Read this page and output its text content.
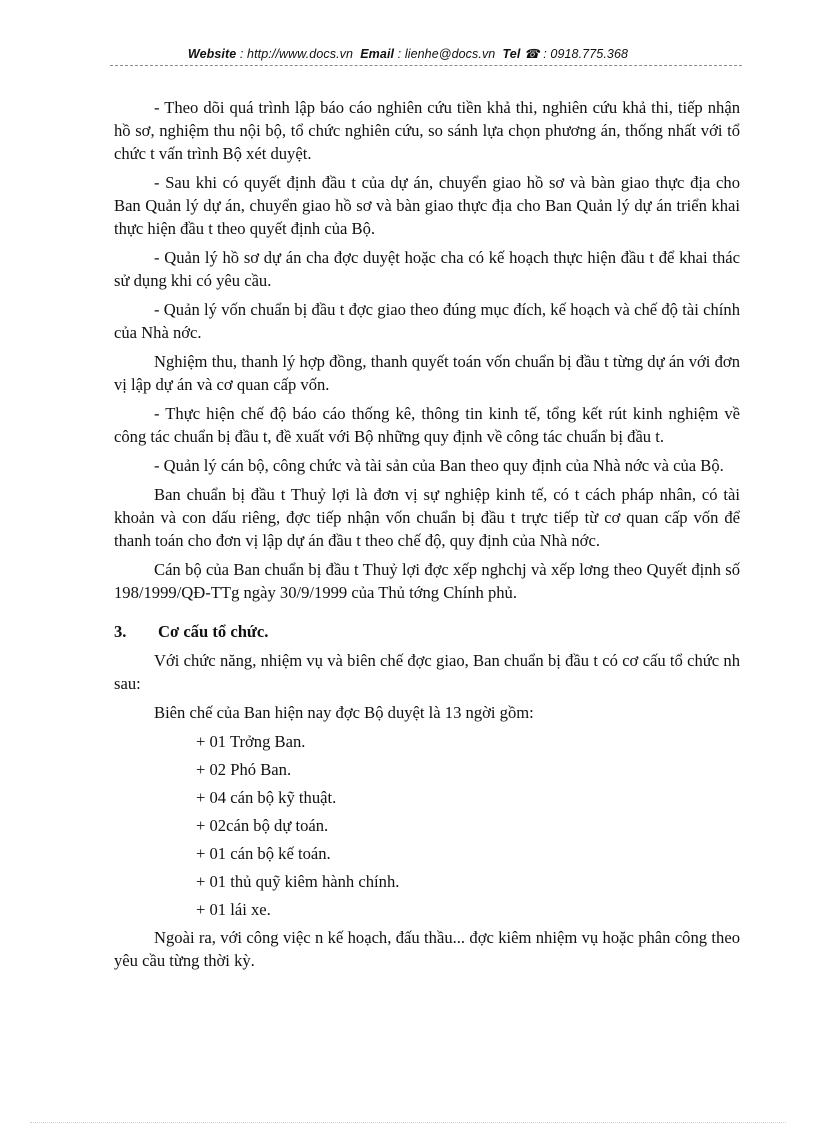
Website : http://www.docs.vn Email : lienhe@docs.vn Tel ☎ : 0918.775.368

- Theo dõi quá trình lập báo cáo nghiên cứu tiền khả thi, nghiên cứu khả thi, tiếp nhận hồ sơ, nghiệm thu nội bộ, tổ chức nghiên cứu, so sánh lựa chọn phương án, thống nhất với tổ chức t vấn trình Bộ xét duyệt.

- Sau khi có quyết định đầu t của dự án, chuyển giao hồ sơ và bàn giao thực địa cho Ban Quản lý dự án, chuyển giao hồ sơ và bàn giao thực địa cho Ban Quản lý dự án triển khai thực hiện đầu t theo quyết định của Bộ.

- Quản lý hồ sơ dự án cha đợc duyệt hoặc cha có kế hoạch thực hiện đầu t để khai thác sử dụng khi có yêu cầu.

- Quản lý vốn chuẩn bị đầu t đợc giao theo đúng mục đích, kế hoạch và chế độ tài chính của Nhà nớc.

Nghiệm thu, thanh lý hợp đồng, thanh quyết toán vốn chuẩn bị đầu t từng dự án với đơn vị lập dự án và cơ quan cấp vốn.

- Thực hiện chế độ báo cáo thống kê, thông tin kinh tế, tổng kết rút kinh nghiệm về công tác chuẩn bị đầu t, đề xuất với Bộ những quy định về công tác chuẩn bị đầu t.

- Quản lý cán bộ, công chức và tài sản của Ban theo quy định của Nhà nớc và của Bộ.

Ban chuẩn bị đầu t Thuỷ lợi là đơn vị sự nghiệp kinh tế, có t cách pháp nhân, có tài khoản và con dấu riêng, đợc tiếp nhận vốn chuẩn bị đầu t trực tiếp từ cơ quan cấp vốn để thanh toán cho đơn vị lập dự án đầu t theo chế độ, quy định của Nhà nớc.

Cán bộ của Ban chuẩn bị đầu t Thuỷ lợi đợc xếp nghchj và xếp lơng theo Quyết định số 198/1999/QĐ-TTg ngày 30/9/1999 của Thủ tớng Chính phủ.

3. Cơ cấu tổ chức.

Với chức năng, nhiệm vụ và biên chế đợc giao, Ban chuẩn bị đầu t có cơ cấu tổ chức nh sau:

Biên chế của Ban hiện nay đợc Bộ duyệt là 13 ngời gồm:

+ 01 Trởng Ban.
+ 02 Phó Ban.
+ 04 cán bộ kỹ thuật.
+ 02cán bộ dự toán.
+ 01 cán bộ kế toán.
+ 01 thủ quỹ kiêm hành chính.
+ 01 lái xe.

Ngoài ra, với công việc n kế hoạch, đấu thầu... đợc kiêm nhiệm vụ hoặc phân công theo yêu cầu từng thời kỳ.
